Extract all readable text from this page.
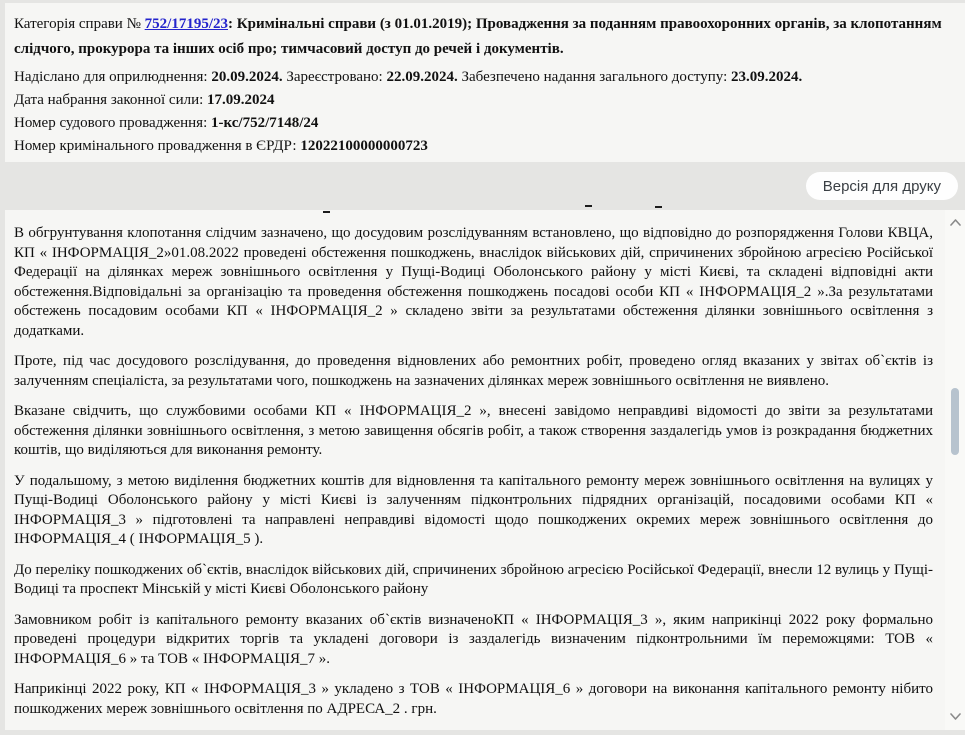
Категорія справи № 752/17195/23: Кримінальні справи (з 01.01.2019); Провадження за поданням правоохоронних органів, за клопотанням слідчого, прокурора та інших осіб про; тимчасовий доступ до речей і документів.

Надіслано для оприлюднення: 20.09.2024. Зареєстровано: 22.09.2024. Забезпечено надання загального доступу: 23.09.2024.

Дата набрання законної сили: 17.09.2024

Номер судового провадження: 1-кс/752/7148/24

Номер кримінального провадження в ЄРДР: 12022100000000723

Версія для друку

В обгрунтування клопотання слідчим зазначено, що досудовим розслідуванням встановлено, що відповідно до розпорядження Голови КВЦА, КП « ІНФОРМАЦІЯ_2»01.08.2022 проведені обстеження пошкоджень, внаслідок військових дій, спричинених збройною агресією Російської Федерації на ділянках мереж зовнішнього освітлення у Пущі-Водиці Оболонського району у місті Києві, та складені відповідні акти обстеження.Відповідальні за організацію та проведення обстеження пошкоджень посадові особи КП « ІНФОРМАЦІЯ_2 ».За результатами обстежень посадовим особами КП « ІНФОРМАЦІЯ_2 » складено звіти за результатами обстеження ділянки зовнішнього освітлення з додатками.

Проте, під час досудового розслідування, до проведення відновлених або ремонтних робіт, проведено огляд вказаних у звітах об`єктів із залученням спеціаліста, за результатами чого, пошкоджень на зазначених ділянках мереж зовнішнього освітлення не виявлено.

Вказане свідчить, що службовими особами КП « ІНФОРМАЦІЯ_2 », внесені завідомо неправдиві відомості до звіти за результатами обстеження ділянки зовнішнього освітлення, з метою завищення обсягів робіт, а також створення заздалегідь умов із розкрадання бюджетних коштів, що виділяються для виконання ремонту.

У подальшому, з метою виділення бюджетних коштів для відновлення та капітального ремонту мереж зовнішнього освітлення на вулицях у Пущі-Водиці Оболонського району у місті Києві із залученням підконтрольних підрядних організацій, посадовими особами КП « ІНФОРМАЦІЯ_3 » підготовлені та направлені неправдиві відомості щодо пошкоджених окремих мереж зовнішнього освітлення до ІНФОРМАЦІЯ_4 ( ІНФОРМАЦІЯ_5 ).

До переліку пошкоджених об`єктів, внаслідок військових дій, спричинених збройною агресією Російської Федерації, внесли 12 вулиць у Пущі-Водиці та проспект Мінській у місті Києві Оболонського району

Замовником робіт із капітального ремонту вказаних об`єктів визначеноКП « ІНФОРМАЦІЯ_3 », яким наприкінці 2022 року формально проведені процедури відкритих торгів та укладені договори із заздалегідь визначеним підконтрольними їм переможцями: ТОВ « ІНФОРМАЦІЯ_6 » та ТОВ « ІНФОРМАЦІЯ_7 ».

Наприкінці 2022 року, КП « ІНФОРМАЦІЯ_3 » укладено з ТОВ « ІНФОРМАЦІЯ_6 » договори на виконання капітального ремонту нібито пошкоджених мереж зовнішнього освітлення по АДРЕСА_2 . грн.
